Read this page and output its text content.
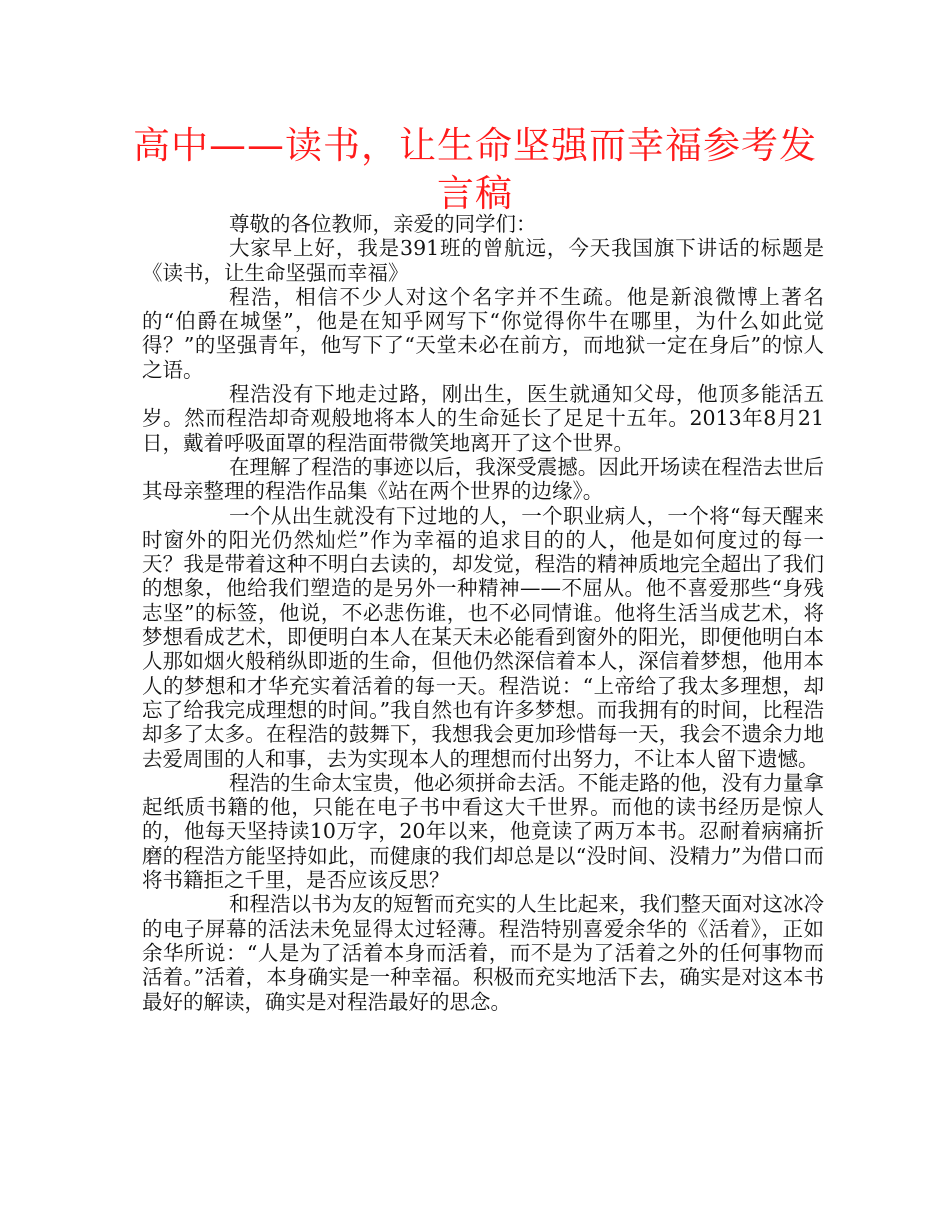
高中——读书，让生命坚强而幸福参考发言稿

尊敬的各位教师，亲爱的同学们：

大家早上好，我是391班的曾航远，今天我国旗下讲话的标题是《读书，让生命坚强而幸福》

程浩，相信不少人对这个名字并不生疏。他是新浪微博上著名的“伯爵在城堡”，他是在知乎网写下“你觉得你牛在哪里，为什么如此觉得？”的坚强青年，他写下了“天堂未必在前方，而地狱一定在身后”的惊人之语。

程浩没有下地走过路，刚出生，医生就通知父母，他顶多能活五岁。然而程浩却奇观般地将本人的生命延长了足足十五年。2013年8月21日，戴着呼吸面罩的程浩面带微笑地离开了这个世界。

在理解了程浩的事迹以后，我深受震撼。因此开场读在程浩去世后其母亲整理的程浩作品集《站在两个世界的边缘》。

一个从出生就没有下过地的人，一个职业病人，一个将“每天醒来时窗外的阳光仍然灿烂”作为幸福的追求目的的人，他是如何度过的每一天？我是带着这种不明白去读的，却发觉，程浩的精神质地完全超出了我们的想象，他给我们塑造的是另外一种精神——不屈从。他不喜爱那些“身残志坚”的标签，他说，不必悲伤谁，也不必同情谁。他将生活当成艺术，将梦想看成艺术，即便明白本人在某天未必能看到窗外的阳光，即便他明白本人那如烟火般稍纵即逝的生命，但他仍然深信着本人，深信着梦想，他用本人的梦想和才华充实着活着的每一天。程浩说：“上帝给了我太多理想，却忘了给我完成理想的时间。”我自然也有许多梦想。而我拥有的时间，比程浩却多了太多。在程浩的鼓舞下，我想我会更加珍惜每一天，我会不遗余力地去爱周围的人和事，去为实现本人的理想而付出努力，不让本人留下遗憾。

程浩的生命太宝贵，他必须拼命去活。不能走路的他，没有力量拿起纸质书籍的他，只能在电子书中看这大千世界。而他的读书经历是惊人的，他每天坚持读10万字，20年以来，他竟读了两万本书。忍耐着病痛折磨的程浩方能坚持如此，而健康的我们却总是以“没时间、没精力”为借口而将书籍拒之千里，是否应该反思？

和程浩以书为友的短暂而充实的人生比起来，我们整天面对这冰冷的电子屏幕的活法未免显得太过轻薄。程浩特别喜爱余华的《活着》，正如余华所说：“人是为了活着本身而活着，而不是为了活着之外的任何事物而活着。”活着，本身确实是一种幸福。积极而充实地活下去，确实是对这本书最好的解读，确实是对程浩最好的思念。
